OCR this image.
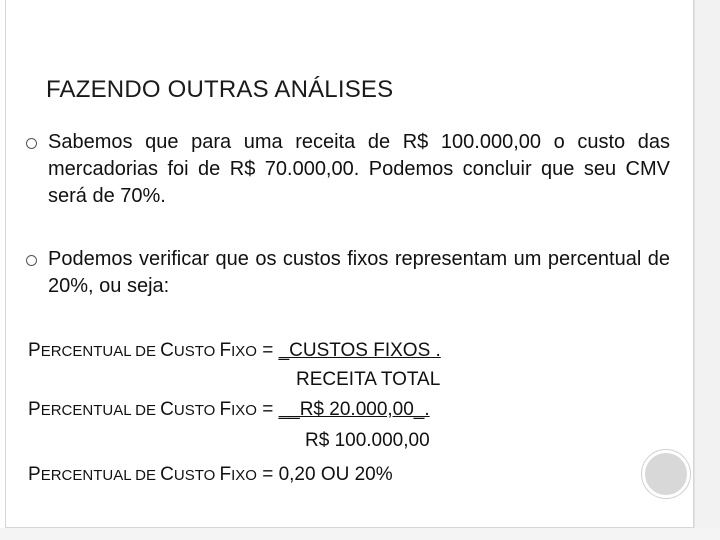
FAZENDO OUTRAS ANÁLISES
Sabemos que para uma receita de R$ 100.000,00 o custo das mercadorias foi de R$ 70.000,00. Podemos concluir que seu CMV será de 70%.
Podemos verificar que os custos fixos representam um percentual de 20%, ou seja:
PERCENTUAL DE CUSTO FIXO = _CUSTOS FIXOS .
RECEITA TOTAL
PERCENTUAL DE CUSTO FIXO = __R$ 20.000,00_.
R$ 100.000,00
PERCENTUAL DE CUSTO FIXO = 0,20 OU 20%
